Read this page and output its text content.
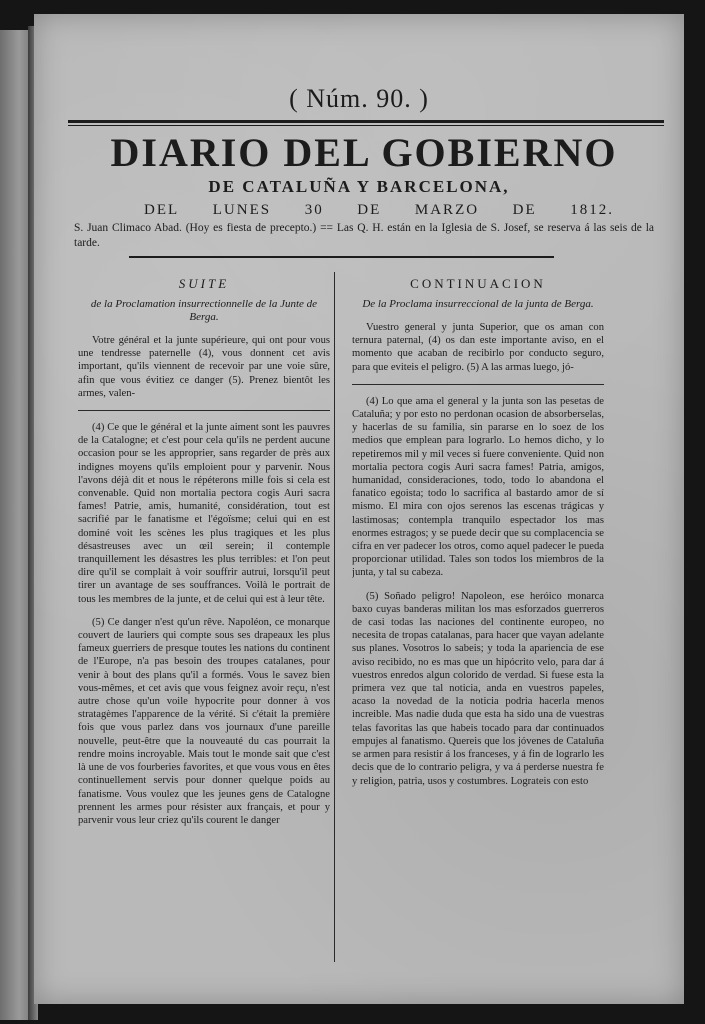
( Núm. 90. )
DIARIO DEL GOBIERNO
DE CATALUÑA Y BARCELONA,
DEL LUNES 30 DE MARZO DE 1812.
S. Juan Climaco Abad. (Hoy es fiesta de precepto.) == Las Q. H. están en la Iglesia de S. Josef, se reserva á las seis de la tarde.
SUITE
de la Proclamation insurrectionnelle de la Junte de Berga.

Votre général et la junte supérieure, qui ont pour vous une tendresse paternelle (4), vous donnent cet avis important, qu'ils viennent de recevoir par une voie sûre, afin que vous évitiez ce danger (5). Prenez bientôt les armes, valen-

(4) Ce que le général et la junte aiment sont les pauvres de la Catalogne; et c'est pour cela qu'ils ne perdent aucune occasion pour se les approprier, sans regarder de près aux indignes moyens qu'ils emploient pour y parvenir. Nous l'avons déjà dit et nous le répéterons mille fois si cela est convenable. Quid non mortalia pectora cogis Auri sacra fames! Patrie, amis, humanité, considération, tout est sacrifié par le fanatisme et l'égoïsme; celui qui en est dominé voit les scènes les plus tragiques et les plus désastreuses avec un œil serein; il contemple tranquillement les désastres les plus terribles: et l'on peut dire qu'il se complait à voir souffrir autrui, lorsqu'il peut tirer un avantage de ses souffrances. Voilà le portrait de tous les membres de la junte, et de celui qui est à leur tête.

(5) Ce danger n'est qu'un rêve. Napoléon, ce monarque couvert de lauriers qui compte sous ses drapeaux les plus fameux guerriers de presque toutes les nations du continent de l'Europe, n'a pas besoin des troupes catalanes, pour venir à bout des plans qu'il a formés. Vous le savez bien vous-mêmes, et cet avis que vous feignez avoir reçu, n'est autre chose qu'un voile hypocrite pour donner à vos stratagèmes l'apparence de la vérité. Si c'était la première fois que vous parlez dans vos journaux d'une pareille nouvelle, peut-être que la nouveauté du cas pourrait la rendre moins incroyable. Mais tout le monde sait que c'est là une de vos fourberies favorites, et que vous vous en êtes continuellement servis pour donner quelque poids au fanatisme. Vous voulez que les jeunes gens de Catalogne prennent les armes pour résister aux français, et pour y parvenir vous leur criez qu'ils courent le danger

CONTINUACION
De la Proclama insurreccional de la junta de Berga.

Vuestro general y junta Superior, que os aman con ternura paternal, (4) os dan este importante aviso, en el momento que acaban de recibirlo por conducto seguro, para que eviteis el peligro. (5) A las armas luego, jó-

(4) Lo que ama el general y la junta son las pesetas de Cataluña; y por esto no perdonan ocasion de absorberselas, y hacerlas de su familia, sin pararse en lo soez de los medios que emplean para lograrlo. Lo hemos dicho, y lo repetiremos mil y mil veces si fuere conveniente. Quid non mortalia pectora cogis Auri sacra fames! Patria, amigos, humanidad, consideraciones, todo, todo lo abandona el fanatico egoista; todo lo sacrifica al bastardo amor de sí mismo. El mira con ojos serenos las escenas trágicas y lastimosas; contempla tranquilo espectador los mas enormes estragos; y se puede decir que su complacencia se cifra en ver padecer los otros, como aquel padecer le pueda proporcionar utilidad. Tales son todos los miembros de la junta, y tal su cabeza.

(5) Soñado peligro! Napoleon, ese heróico monarca baxo cuyas banderas militan los mas esforzados guerreros de casi todas las naciones del continente europeo, no necesita de tropas catalanas, para hacer que vayan adelante sus planes. Vosotros lo sabeis; y toda la apariencia de ese aviso recibido, no es mas que un hipócrito velo, para dar á vuestros enredos algun colorido de verdad. Si fuese esta la primera vez que tal noticia, anda en vuestros papeles, acaso la novedad de la noticia podria hacerla menos increible. Mas nadie duda que esta ha sido una de vuestras telas favoritas las que habeis tocado para dar continuados empujes al fanatismo. Quereis que los jóvenes de Cataluña se armen para resistir á los franceses, y á fin de lograrlo les decis que de lo contrario peligra, y va á perderse nuestra fe y religion, patria, usos y costumbres. Lograteis con esto
